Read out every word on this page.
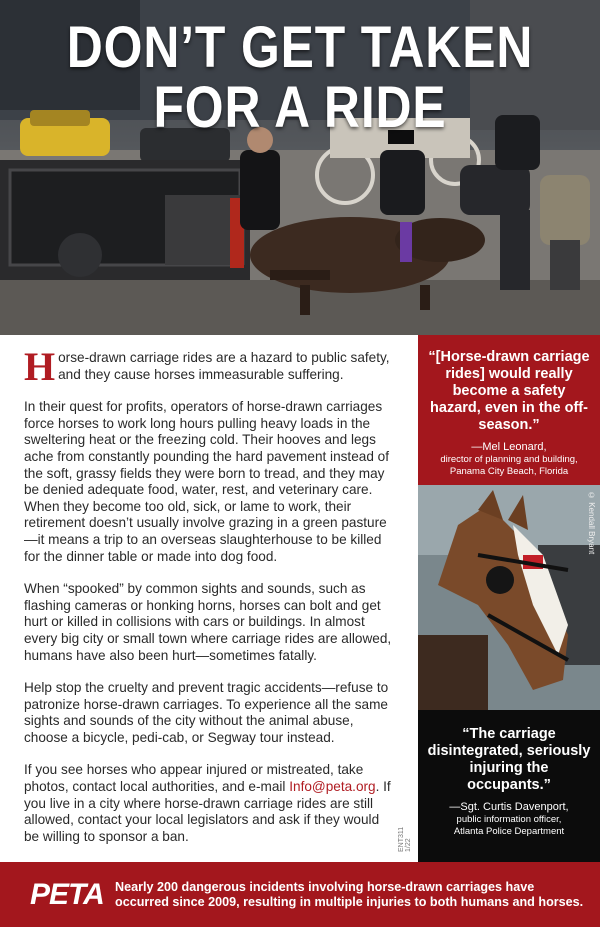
DON’T GET TAKEN
FOR A RIDE

Horse-drawn carriage rides are a hazard to public safety, and they cause horses immeasurable suffering.

In their quest for profits, operators of horse-drawn carriages force horses to work long hours pulling heavy loads in the sweltering heat or the freezing cold. Their hooves and legs ache from constantly pounding the hard pavement instead of the soft, grassy fields they were born to tread, and they may be denied adequate food, water, rest, and veterinary care. When they become too old, sick, or lame to work, their retirement doesn’t usually involve grazing in a green pasture—it means a trip to an overseas slaughterhouse to be killed for the dinner table or made into dog food.

When “spooked” by common sights and sounds, such as flashing cameras or honking horns, horses can bolt and get hurt or killed in collisions with cars or buildings. In almost every big city or small town where carriage rides are allowed, humans have also been hurt—sometimes fatally.

Help stop the cruelty and prevent tragic accidents—refuse to patronize horse-drawn carriages. To experience all the same sights and sounds of the city without the animal abuse, choose a bicycle, pedi-cab, or Segway tour instead.

If you see horses who appear injured or mistreated, take photos, contact local authorities, and e-mail Info@peta.org. If you live in a city where horse-drawn carriage rides are still allowed, contact your local legislators and ask if they would be willing to sponsor a ban.	ENT311 1/22
“[Horse-drawn carriage rides] would really become a safety hazard, even in the off-season.”
—Mel Leonard,
director of planning and building,
Panama City Beach, Florida
© Kendall Bryant
“The carriage disintegrated, seriously injuring the occupants.”
—Sgt. Curtis Davenport,
public information officer,
Atlanta Police Department
PETA Nearly 200 dangerous incidents involving horse-drawn carriages have occurred since 2009, resulting in multiple injuries to both humans and horses.
